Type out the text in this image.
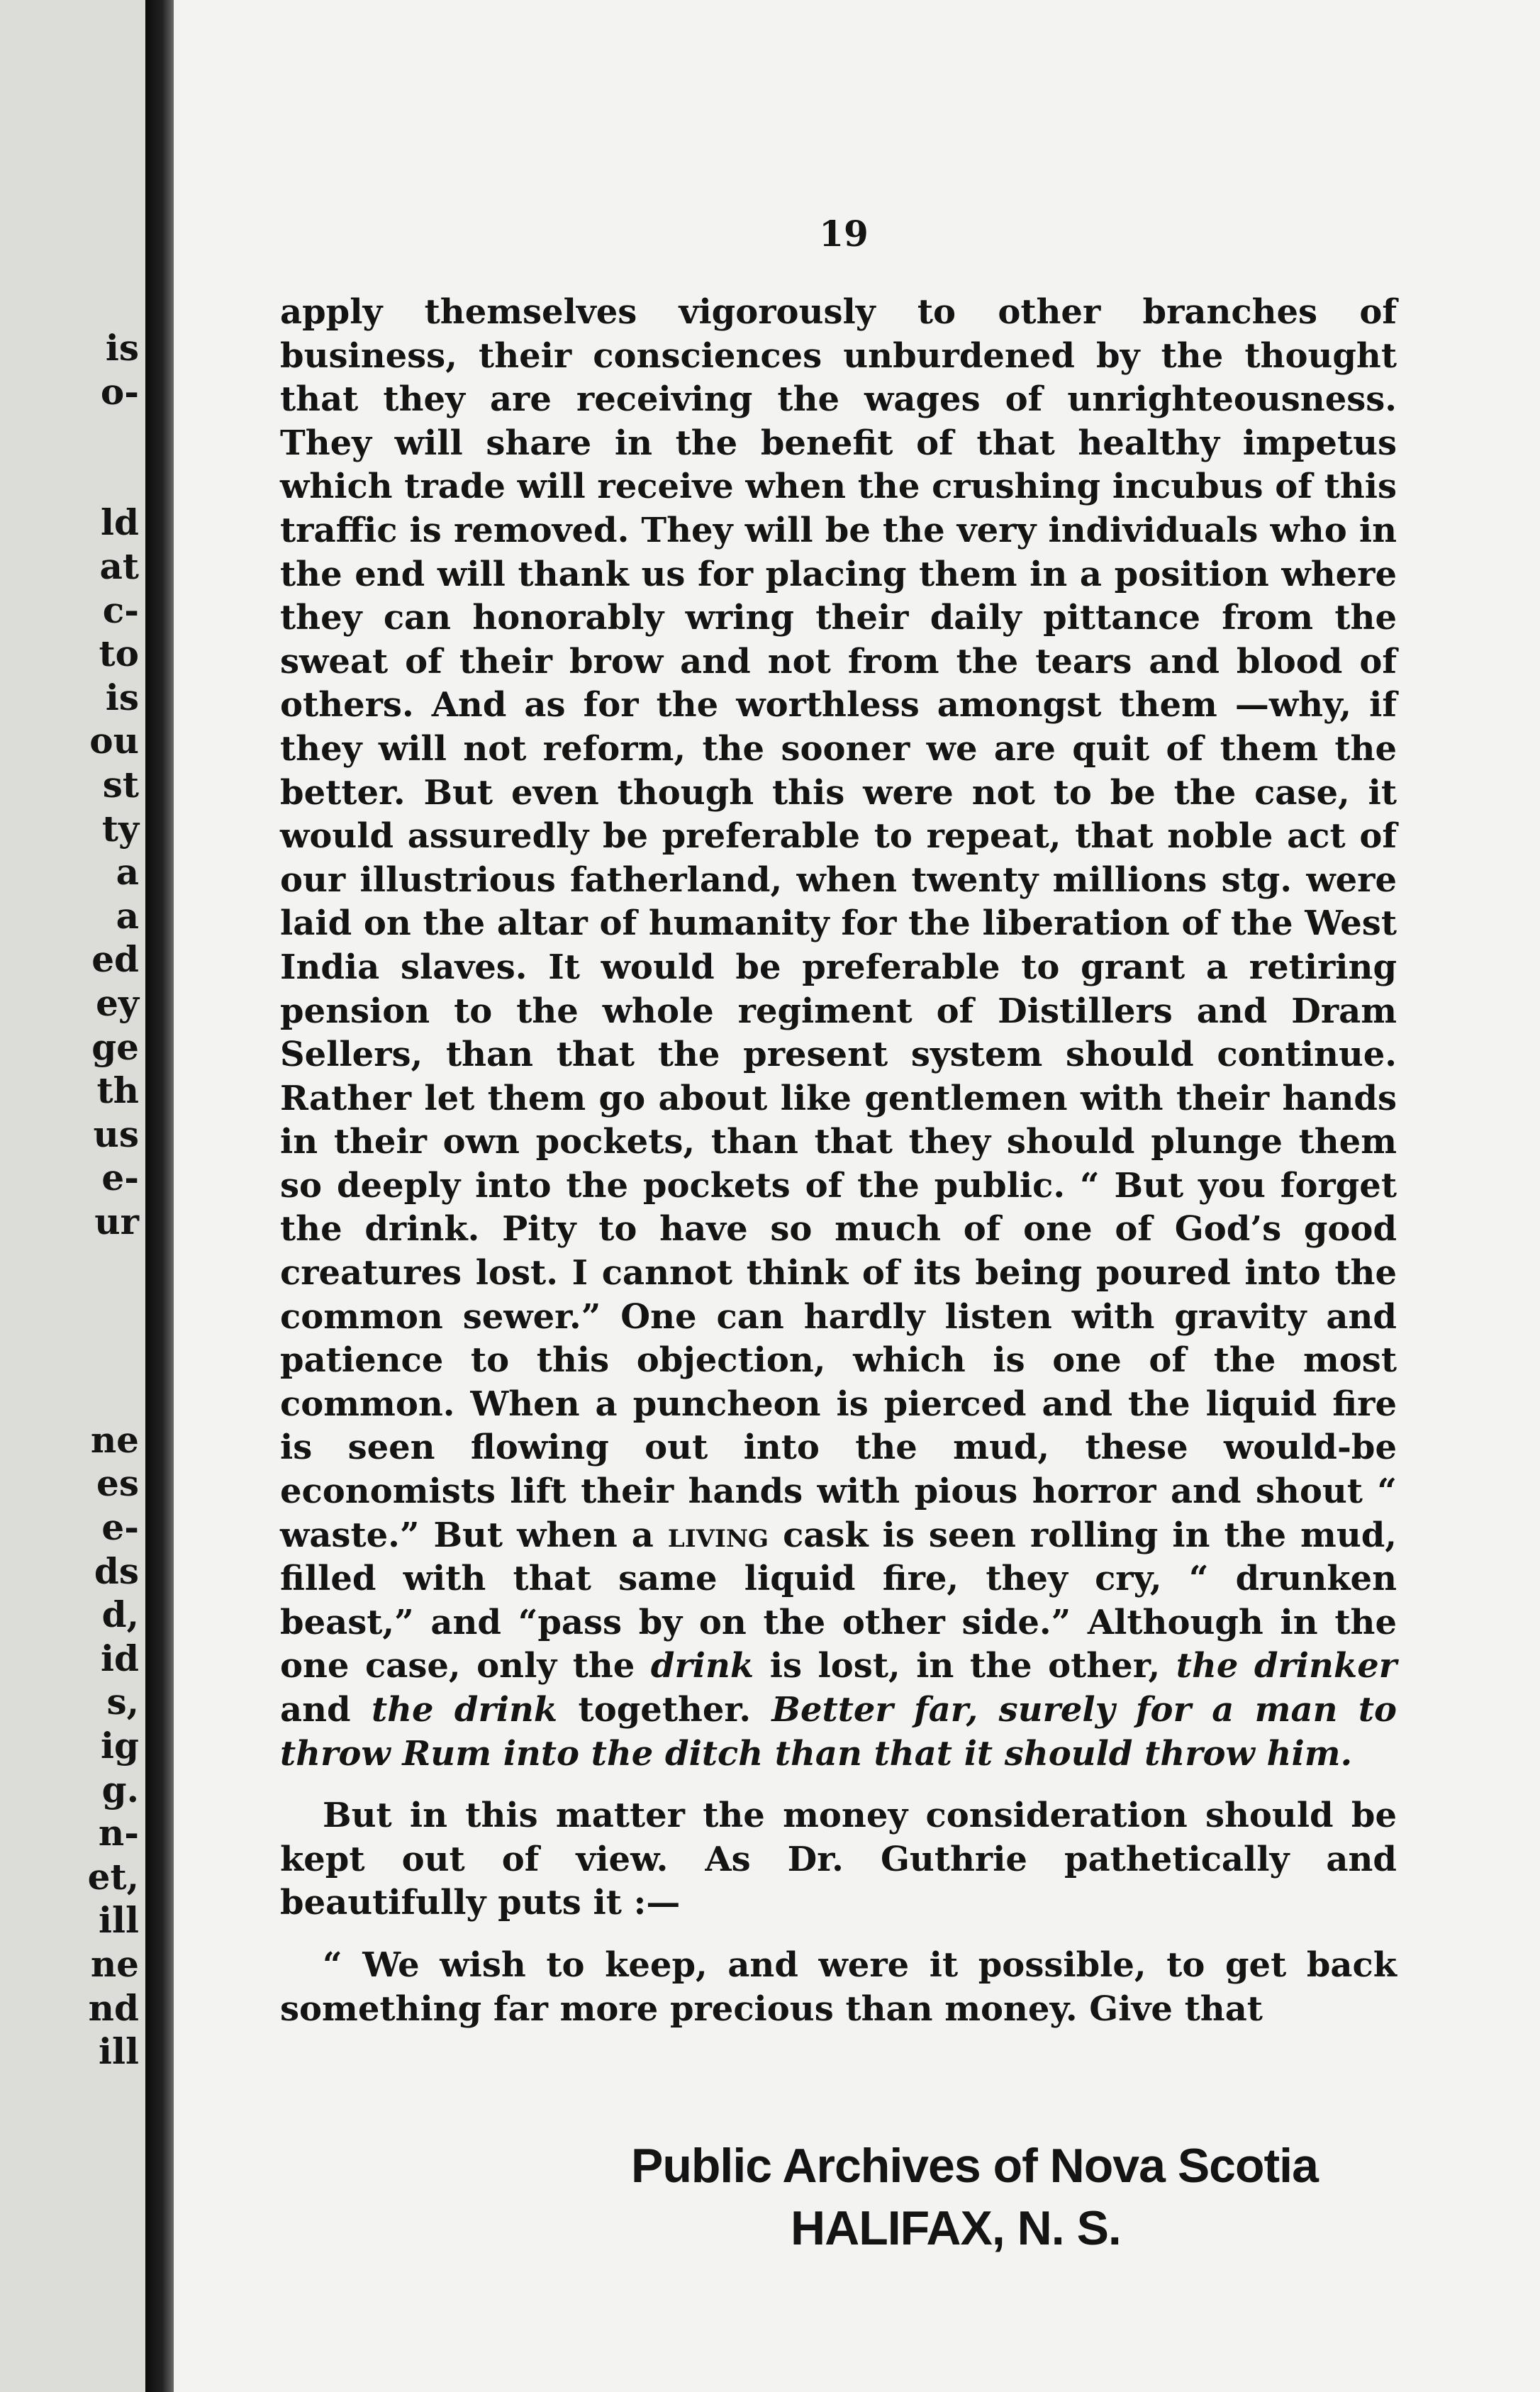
is
o-
ld
at
c-
to
is
ou
st
ty
a
a
ed
ey
ge
th
us
e-
ur
ne
es
e-
ds
d,
id
s,
ig
g.
n-
et,
ill
ne
nd
ill
19

apply themselves vigorously to other branches of business, their consciences unburdened by the thought that they are receiving the wages of unrighteousness. They will share in the benefit of that healthy impetus which trade will receive when the crushing incubus of this traffic is removed. They will be the very individuals who in the end will thank us for placing them in a position where they can honorably wring their daily pittance from the sweat of their brow and not from the tears and blood of others. And as for the worthless amongst them —why, if they will not reform, the sooner we are quit of them the better. But even though this were not to be the case, it would assuredly be preferable to repeat, that noble act of our illustrious fatherland, when twenty millions stg. were laid on the altar of humanity for the liberation of the West India slaves. It would be preferable to grant a retiring pension to the whole regiment of Distillers and Dram Sellers, than that the present system should continue. Rather let them go about like gentlemen with their hands in their own pockets, than that they should plunge them so deeply into the pockets of the public. “ But you forget the drink. Pity to have so much of one of God’s good creatures lost. I cannot think of its being poured into the common sewer.” One can hardly listen with gravity and patience to this objection, which is one of the most common. When a puncheon is pierced and the liquid fire is seen flowing out into the mud, these would-be economists lift their hands with pious horror and shout “ waste.” But when a living cask is seen rolling in the mud, filled with that same liquid fire, they cry, “ drunken beast,” and “pass by on the other side.” Although in the one case, only the drink is lost, in the other, the drinker and the drink together. Better far, surely for a man to throw Rum into the ditch than that it should throw him.

But in this matter the money consideration should be kept out of view. As Dr. Guthrie pathetically and beautifully puts it :—

“ We wish to keep, and were it possible, to get back something far more precious than money. Give that

Public Archives of Nova Scotia
HALIFAX, N. S.
